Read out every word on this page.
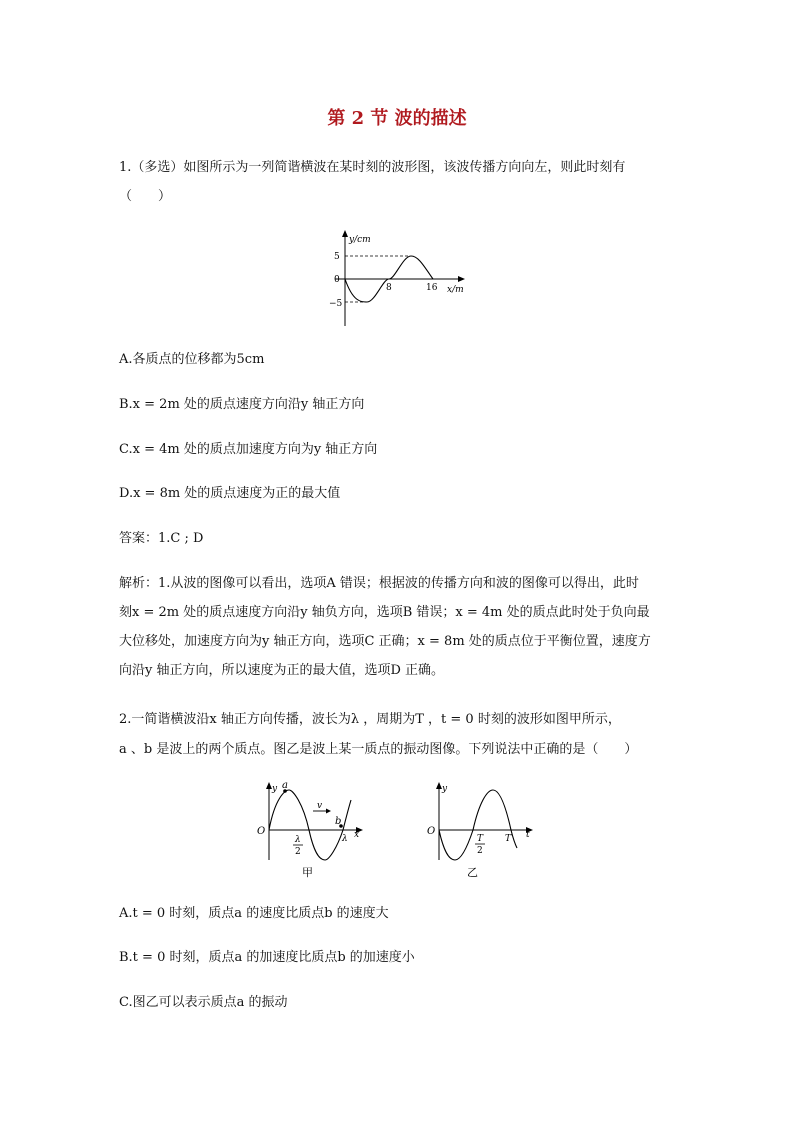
第 2 节 波的描述
1.（多选）如图所示为一列简谐横波在某时刻的波形图，该波传播方向向左，则此时刻有
（　　）
y/cm
5
0
−5
8	16 x/m
A.各质点的位移都为5cm
B.x = 2m 处的质点速度方向沿y 轴正方向
C.x = 4m 处的质点加速度方向为y 轴正方向
D.x = 8m 处的质点速度为正的最大值
答案：1.C ; D
解析：1.从波的图像可以看出，选项A 错误；根据波的传播方向和波的图像可以得出，此时
刻x = 2m 处的质点速度方向沿y 轴负方向，选项B 错误；x = 4m 处的质点此时处于负向最
大位移处，加速度方向为y 轴正方向，选项C 正确；x = 8m 处的质点位于平衡位置，速度方
向沿y 轴正方向，所以速度为正的最大值，选项D 正确。
2.一简谐横波沿x 轴正方向传播，波长为λ ，周期为T ，t = 0 时刻的波形如图甲所示，
a 、b 是波上的两个质点。图乙是波上某一质点的振动图像。下列说法中正确的是（　　）
y
O
a
b
v
λ
2
λ x
甲
y
O
T
2
T t
乙
A.t = 0 时刻，质点a 的速度比质点b 的速度大
B.t = 0 时刻，质点a 的加速度比质点b 的加速度小
C.图乙可以表示质点a 的振动
